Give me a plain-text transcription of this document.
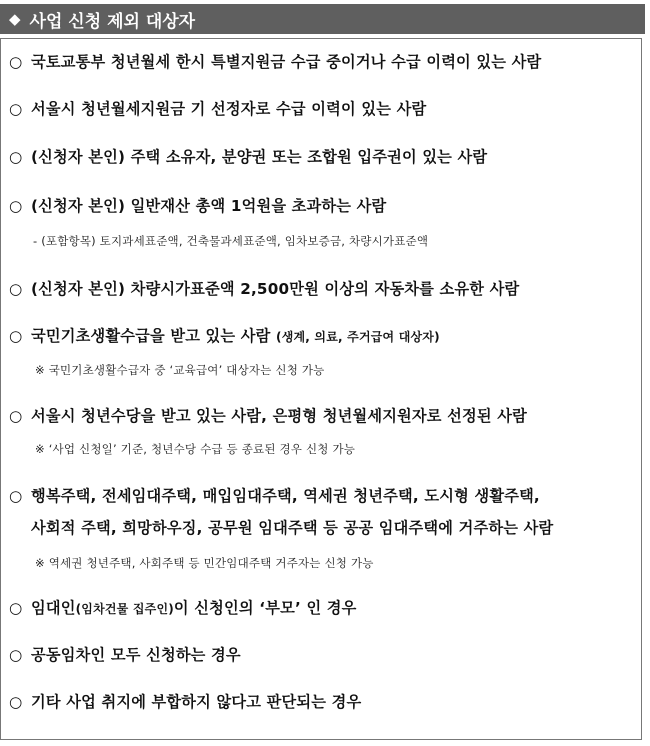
◆ 사업 신청 제외 대상자
○ 국토교통부 청년월세 한시 특별지원금 수급 중이거나 수급 이력이 있는 사람
○ 서울시 청년월세지원금 기 선정자로 수급 이력이 있는 사람
○ (신청자 본인) 주택 소유자, 분양권 또는 조합원 입주권이 있는 사람
○ (신청자 본인) 일반재산 총액 1억원을 초과하는 사람
- (포함항목) 토지과세표준액, 건축물과세표준액, 임차보증금, 차량시가표준액
○ (신청자 본인) 차량시가표준액 2,500만원 이상의 자동차를 소유한 사람
○ 국민기초생활수급을 받고 있는 사람 (생계, 의료, 주거급여 대상자)
※ 국민기초생활수급자 중 ‘교육급여’ 대상자는 신청 가능
○ 서울시 청년수당을 받고 있는 사람, 은평형 청년월세지원자로 선정된 사람
※ ‘사업 신청일’ 기준, 청년수당 수급 등 종료된 경우 신청 가능
○ 행복주택, 전세임대주택, 매입임대주택, 역세권 청년주택, 도시형 생활주택,
사회적 주택, 희망하우징, 공무원 임대주택 등 공공 임대주택에 거주하는 사람
※ 역세권 청년주택, 사회주택 등 민간임대주택 거주자는 신청 가능
○ 임대인(임차건물 집주인)이 신청인의 ‘부모’ 인 경우
○ 공동임차인 모두 신청하는 경우
○ 기타 사업 취지에 부합하지 않다고 판단되는 경우
